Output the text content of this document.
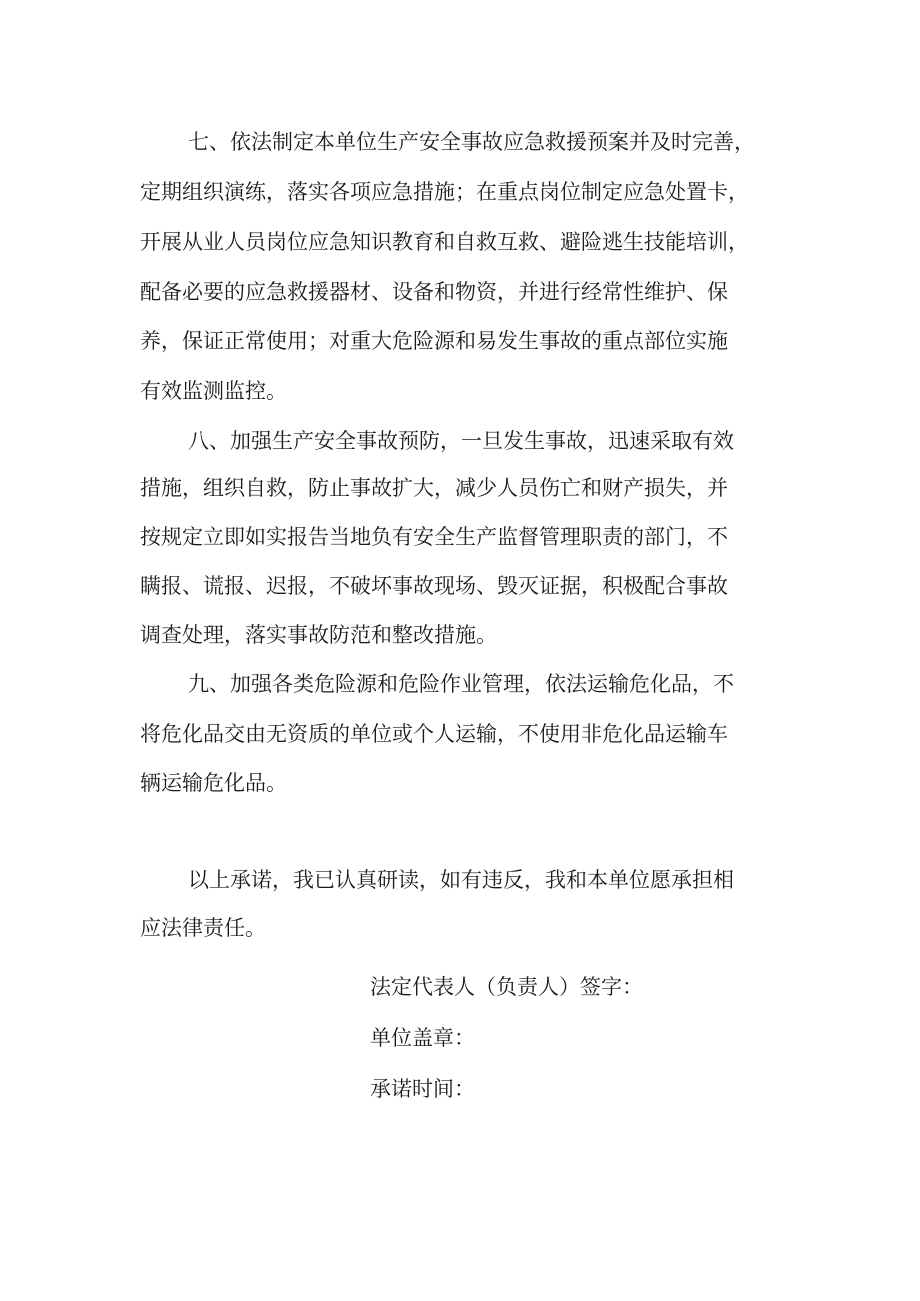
七、依法制定本单位生产安全事故应急救援预案并及时完善，
定期组织演练，落实各项应急措施；在重点岗位制定应急处置卡，
开展从业人员岗位应急知识教育和自救互救、避险逃生技能培训，
配备必要的应急救援器材、设备和物资，并进行经常性维护、保
养，保证正常使用；对重大危险源和易发生事故的重点部位实施
有效监测监控。
八、加强生产安全事故预防，一旦发生事故，迅速采取有效
措施，组织自救，防止事故扩大，减少人员伤亡和财产损失，并
按规定立即如实报告当地负有安全生产监督管理职责的部门，不
瞒报、谎报、迟报，不破坏事故现场、毁灭证据，积极配合事故
调查处理，落实事故防范和整改措施。
九、加强各类危险源和危险作业管理，依法运输危化品，不
将危化品交由无资质的单位或个人运输，不使用非危化品运输车
辆运输危化品。
以上承诺，我已认真研读，如有违反，我和本单位愿承担相
应法律责任。
法定代表人（负责人）签字：
单位盖章：
承诺时间：
